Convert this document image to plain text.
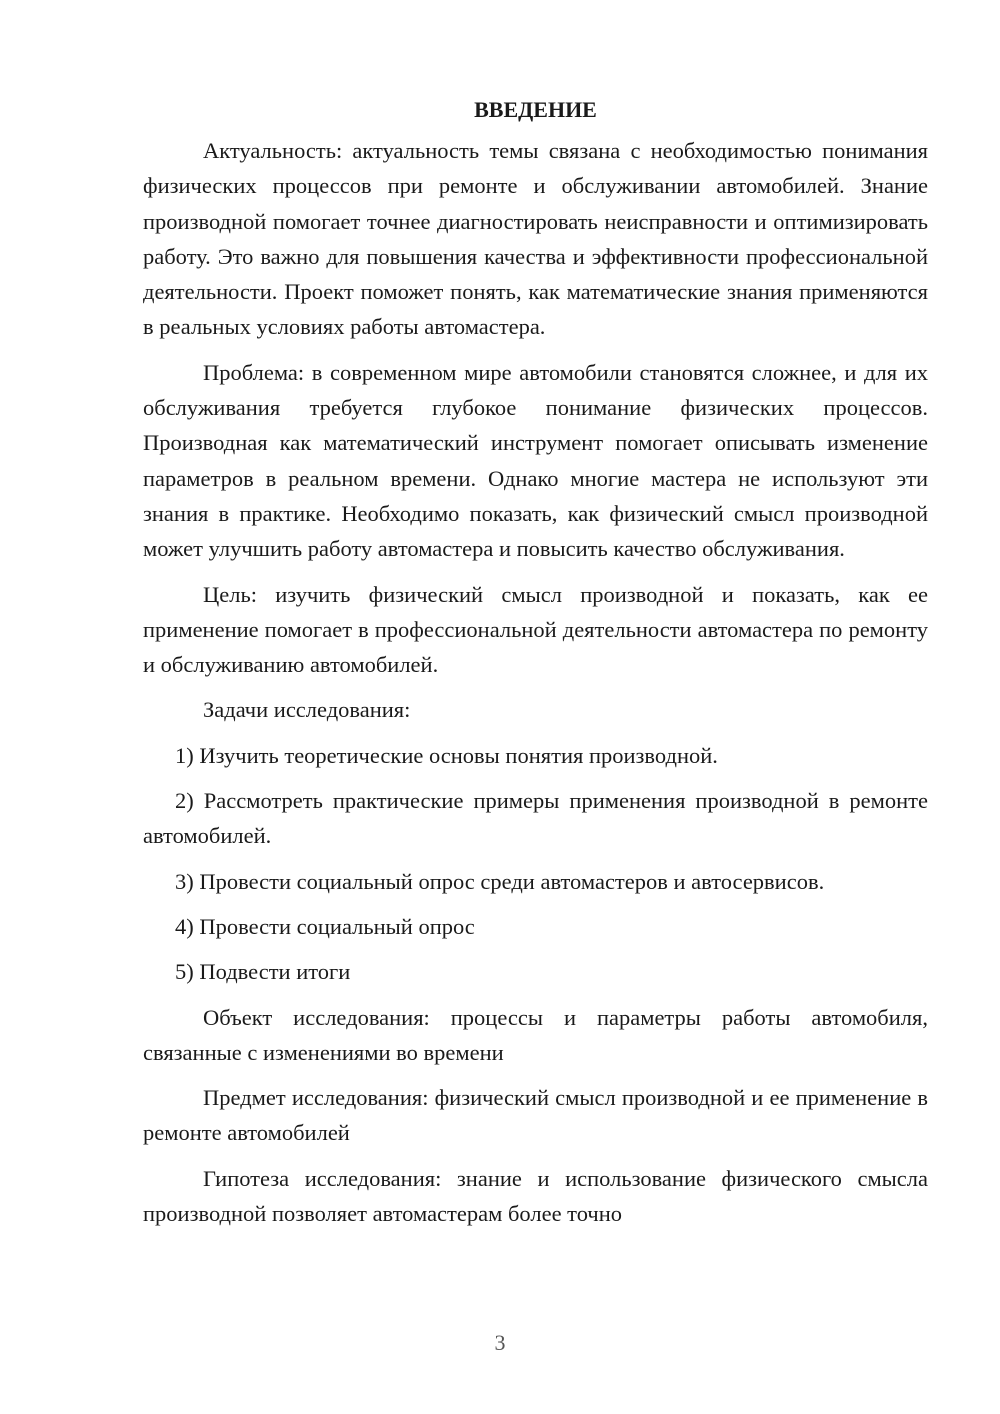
ВВЕДЕНИЕ

Актуальность: актуальность темы связана с необходимостью понимания физических процессов при ремонте и обслуживании автомобилей. Знание производной помогает точнее диагностировать неисправности и оптимизировать работу. Это важно для повышения качества и эффективности профессиональной деятельности. Проект поможет понять, как математические знания применяются в реальных условиях работы автомастера.

Проблема: в современном мире автомобили становятся сложнее, и для их обслуживания требуется глубокое понимание физических процессов. Производная как математический инструмент помогает описывать изменение параметров в реальном времени. Однако многие мастера не используют эти знания в практике. Необходимо показать, как физический смысл производной может улучшить работу автомастера и повысить качество обслуживания.

Цель: изучить физический смысл производной и показать, как ее применение помогает в профессиональной деятельности автомастера по ремонту и обслуживанию автомобилей.

Задачи исследования:

1) Изучить теоретические основы понятия производной.

2) Рассмотреть практические примеры применения производной в ремонте автомобилей.

3) Провести социальный опрос среди автомастеров и автосервисов.

4) Провести социальный опрос

5) Подвести итоги

Объект исследования: процессы и параметры работы автомобиля, связанные с изменениями во времени

Предмет исследования: физический смысл производной и ее применение в ремонте автомобилей

Гипотеза исследования: знание и использование физического смысла производной позволяет автомастерам более точно

3
